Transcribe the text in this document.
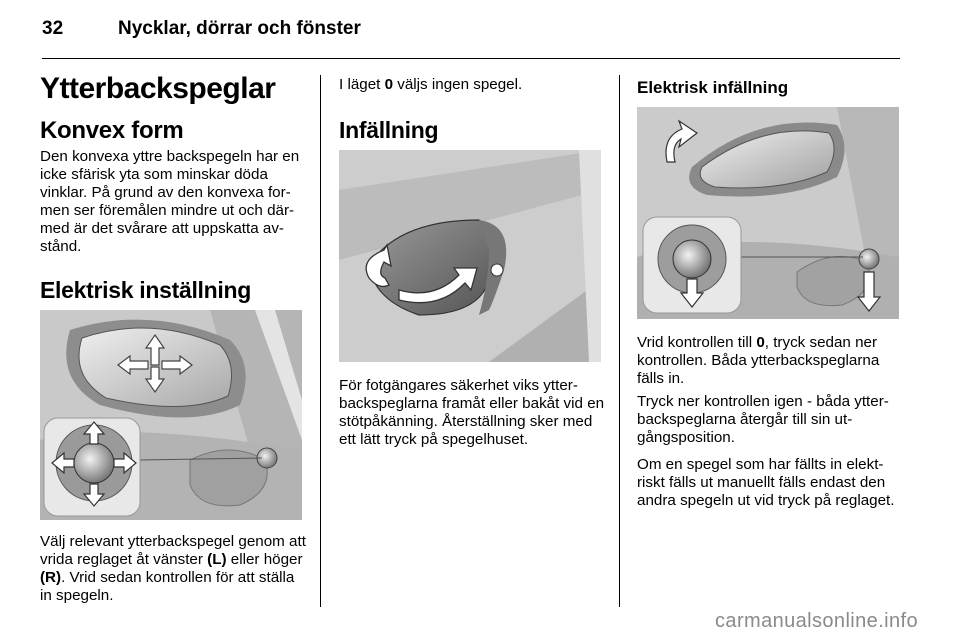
32	Nycklar, dörrar och fönster
Ytterbackspeglar
Konvex form

Den konvexa yttre backspegeln har en icke sfärisk yta som minskar döda vinklar. På grund av den konvexa for-men ser föremålen mindre ut och där-med är det svårare att uppskatta av-stånd.

Elektrisk inställning

Välj relevant ytterbackspegel genom att vrida reglaget åt vänster (L) eller höger (R). Vrid sedan kontrollen för att ställa in spegeln.

I läget 0 väljs ingen spegel.

Infällning

För fotgängares säkerhet viks ytter-backspeglarna framåt eller bakåt vid en stötpåkänning. Återställning sker med ett lätt tryck på spegelhuset.

Elektrisk infällning

Vrid kontrollen till 0, tryck sedan ner kontrollen. Båda ytterbackspeglarna fälls in.

Tryck ner kontrollen igen - båda ytter-backspeglarna återgår till sin ut-gångsposition.

Om en spegel som har fällts in elekt-riskt fälls ut manuellt fälls endast den andra spegeln ut vid tryck på reglaget.

carmanualsonline.info
